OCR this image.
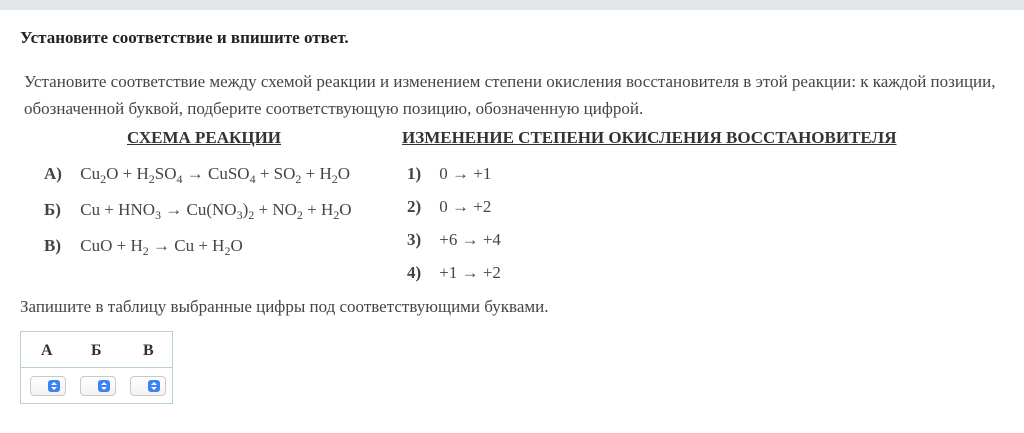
Установите соответствие и впишите ответ.
Установите соответствие между схемой реакции и изменением степени окисления восстановителя в этой реакции: к каждой позиции, обозначенной буквой, подберите соответствующую позицию, обозначенную цифрой.
СХЕМА РЕАКЦИИ	ИЗМЕНЕНИЕ СТЕПЕНИ ОКИСЛЕНИЯ ВОССТАНОВИТЕЛЯ
А) $Cu_2O + H_2SO_4$ → CuSO$_4$ + $SO_2 + H_2O$
Б) $Cu + HNO_3 \to Cu(NO_3)_2 + NO_2 + H_2O$
В) CuO + $H_2 \to Cu + H_2O$
1) 0 → +1
2) 0 → +2
3) +6 → +4
4) +1 → +2
Запишите в таблицу выбранные цифры под соответствующими буквами.
А Б	В
